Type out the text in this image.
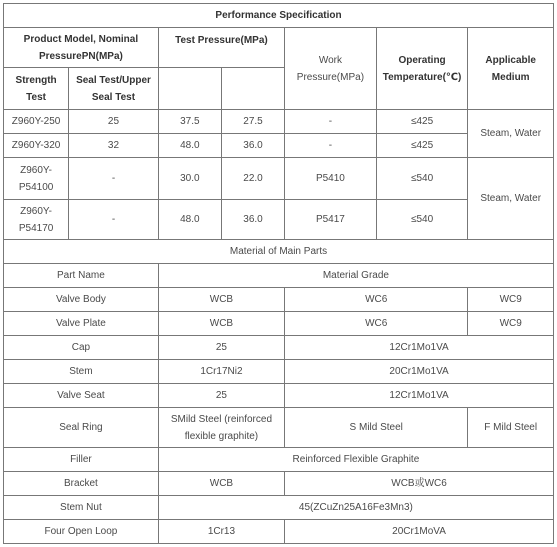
Performance Specification						
Product Model, Nominal PressurePN(MPa)		Test Pressure(MPa)		Work Pressure(MPa)	Operating Temperature(℃)	Applicable Medium
Strength Test	Seal Test/Upper Seal Test					
Z960Y-250	25	37.5	27.5	-	≤425	Steam, Water
Z960Y-320	32	48.0	36.0	-	≤425	
Z960Y-P54100	-	30.0	22.0	P5410	≤540	Steam, Water
Z960Y-P54170	-	48.0	36.0	P5417	≤540	
Material of Main Parts						
Part Name		Material Grade				
Valve Body		WCB		WC6		WC9
Valve Plate		WCB		WC6		WC9
Cap		25		12Cr1Mo1VA		
Stem		1Cr17Ni2		20Cr1Mo1VA		
Valve Seat		25		12Cr1Mo1VA		
Seal Ring		SMild Steel (reinforced flexible graphite)		S Mild Steel		F Mild Steel
Filler		Reinforced Flexible Graphite				
Bracket		WCB		WCB或WC6		
Stem Nut		45(ZCuZn25A16Fe3Mn3)				
Four Open Loop		1Cr13		20Cr1MoVA		
